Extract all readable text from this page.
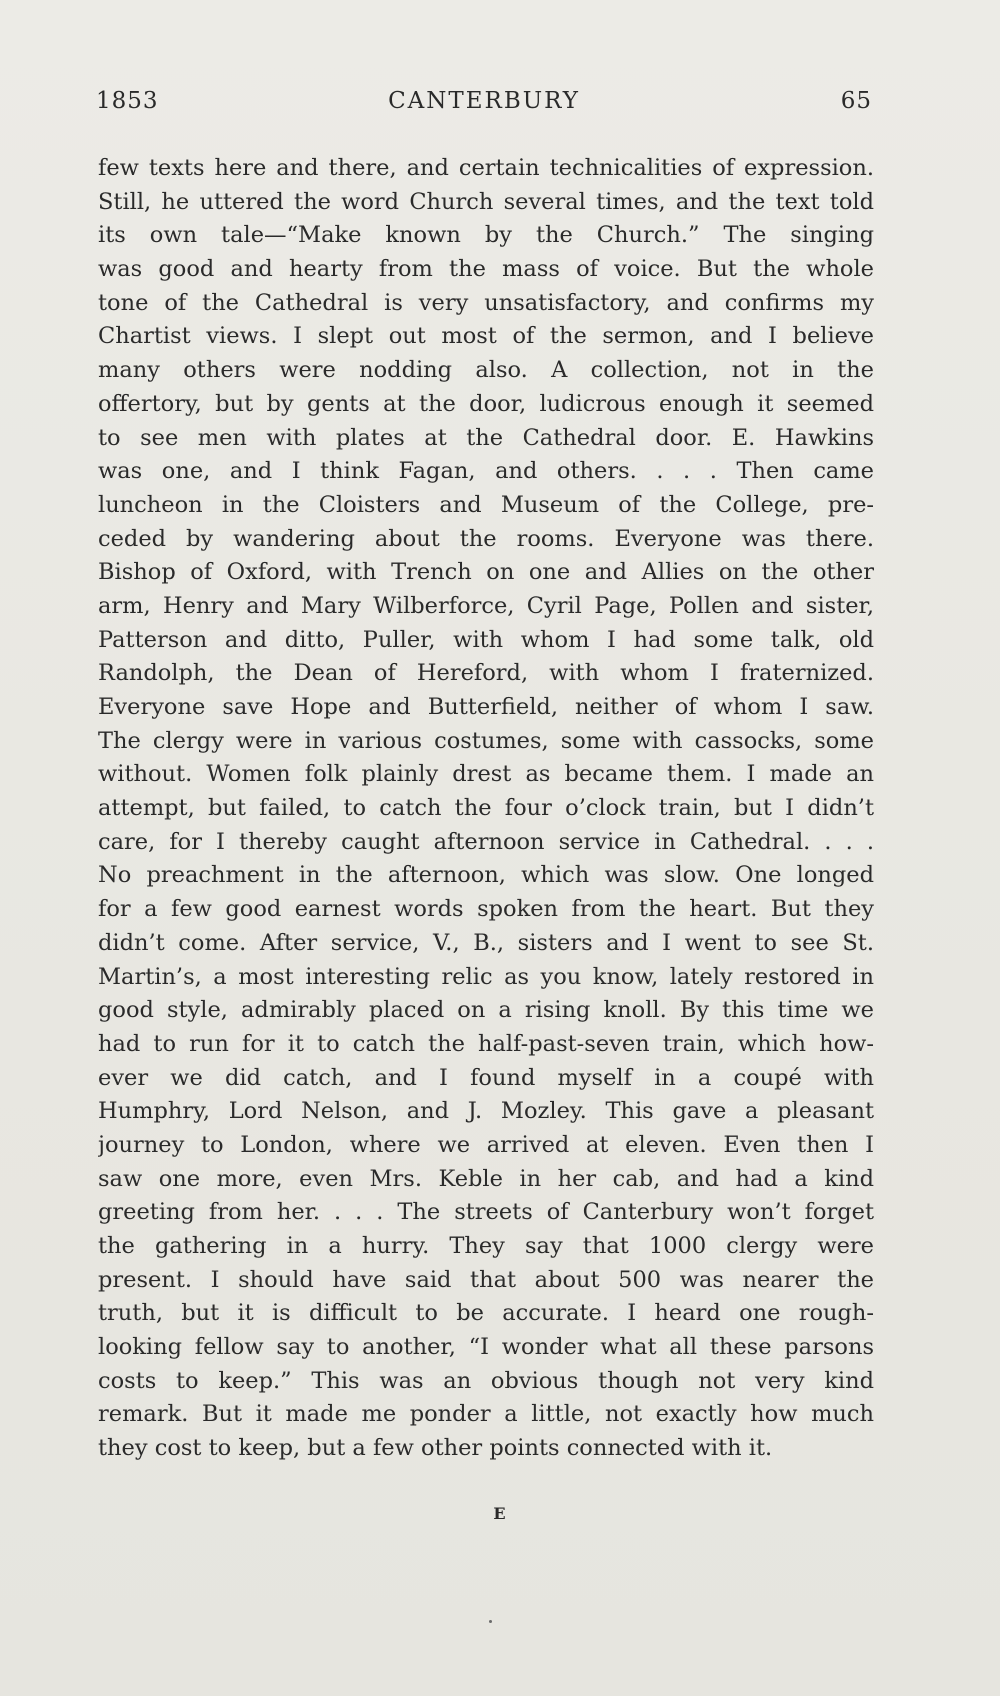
1853	CANTERBURY	65
few texts here and there, and certain technicalities of expression.
Still, he uttered the word Church several times, and the text told
its own tale—“Make known by the Church.” The singing
was good and hearty from the mass of voice. But the whole
tone of the Cathedral is very unsatisfactory, and confirms my
Chartist views. I slept out most of the sermon, and I believe
many others were nodding also. A collection, not in the
offertory, but by gents at the door, ludicrous enough it seemed
to see men with plates at the Cathedral door. E. Hawkins
was one, and I think Fagan, and others. . . . Then came
luncheon in the Cloisters and Museum of the College, pre-
ceded by wandering about the rooms. Everyone was there.
Bishop of Oxford, with Trench on one and Allies on the other
arm, Henry and Mary Wilberforce, Cyril Page, Pollen and sister,
Patterson and ditto, Puller, with whom I had some talk, old
Randolph, the Dean of Hereford, with whom I fraternized.
Everyone save Hope and Butterfield, neither of whom I saw.
The clergy were in various costumes, some with cassocks, some
without. Women folk plainly drest as became them. I made an
attempt, but failed, to catch the four o’clock train, but I didn’t
care, for I thereby caught afternoon service in Cathedral. . . .
No preachment in the afternoon, which was slow. One longed
for a few good earnest words spoken from the heart. But they
didn’t come. After service, V., B., sisters and I went to see St.
Martin’s, a most interesting relic as you know, lately restored in
good style, admirably placed on a rising knoll. By this time we
had to run for it to catch the half-past-seven train, which how-
ever we did catch, and I found myself in a coupé with
Humphry, Lord Nelson, and J. Mozley. This gave a pleasant
journey to London, where we arrived at eleven. Even then I
saw one more, even Mrs. Keble in her cab, and had a kind
greeting from her. . . . The streets of Canterbury won’t forget
the gathering in a hurry. They say that 1000 clergy were
present. I should have said that about 500 was nearer the
truth, but it is difficult to be accurate. I heard one rough-
looking fellow say to another, “I wonder what all these parsons
costs to keep.” This was an obvious though not very kind
remark. But it made me ponder a little, not exactly how much
they cost to keep, but a few other points connected with it.
E
